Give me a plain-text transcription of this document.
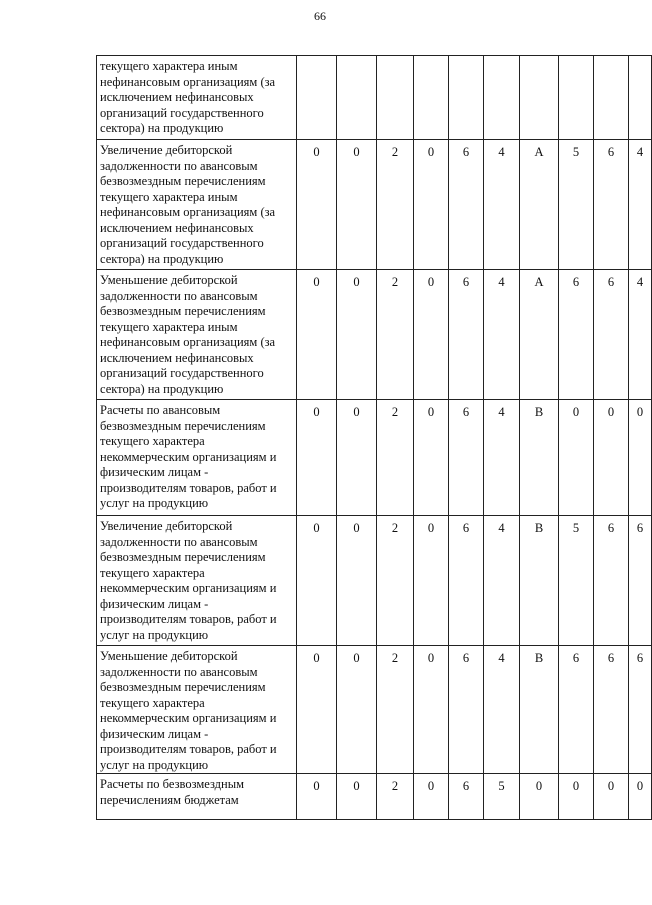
66
текущего характера иным нефинансовым организациям (за исключением нефинансовых организаций государственного сектора) на продукцию										
Увеличение дебиторской задолженности по авансовым безвозмездным перечислениям текущего характера иным нефинансовым организациям (за исключением нефинансовых организаций государственного сектора) на продукцию	0	0	2	0	6	4	А	5	6	4
Уменьшение дебиторской задолженности по авансовым безвозмездным перечислениям текущего характера иным нефинансовым организациям (за исключением нефинансовых организаций государственного сектора) на продукцию	0	0	2	0	6	4	А	6	6	4
Расчеты по авансовым безвозмездным перечислениям текущего характера некоммерческим организациям и физическим лицам - производителям товаров, работ и услуг на продукцию	0	0	2	0	6	4	В	0	0	0
Увеличение дебиторской задолженности по авансовым безвозмездным перечислениям текущего характера некоммерческим организациям и физическим лицам - производителям товаров, работ и услуг на продукцию	0	0	2	0	6	4	В	5	6	6
Уменьшение дебиторской задолженности по авансовым безвозмездным перечислениям текущего характера некоммерческим организациям и физическим лицам - производителям товаров, работ и услуг на продукцию	0	0	2	0	6	4	В	6	6	6
Расчеты по безвозмездным перечислениям бюджетам	0	0	2	0	6	5	0	0	0	0
